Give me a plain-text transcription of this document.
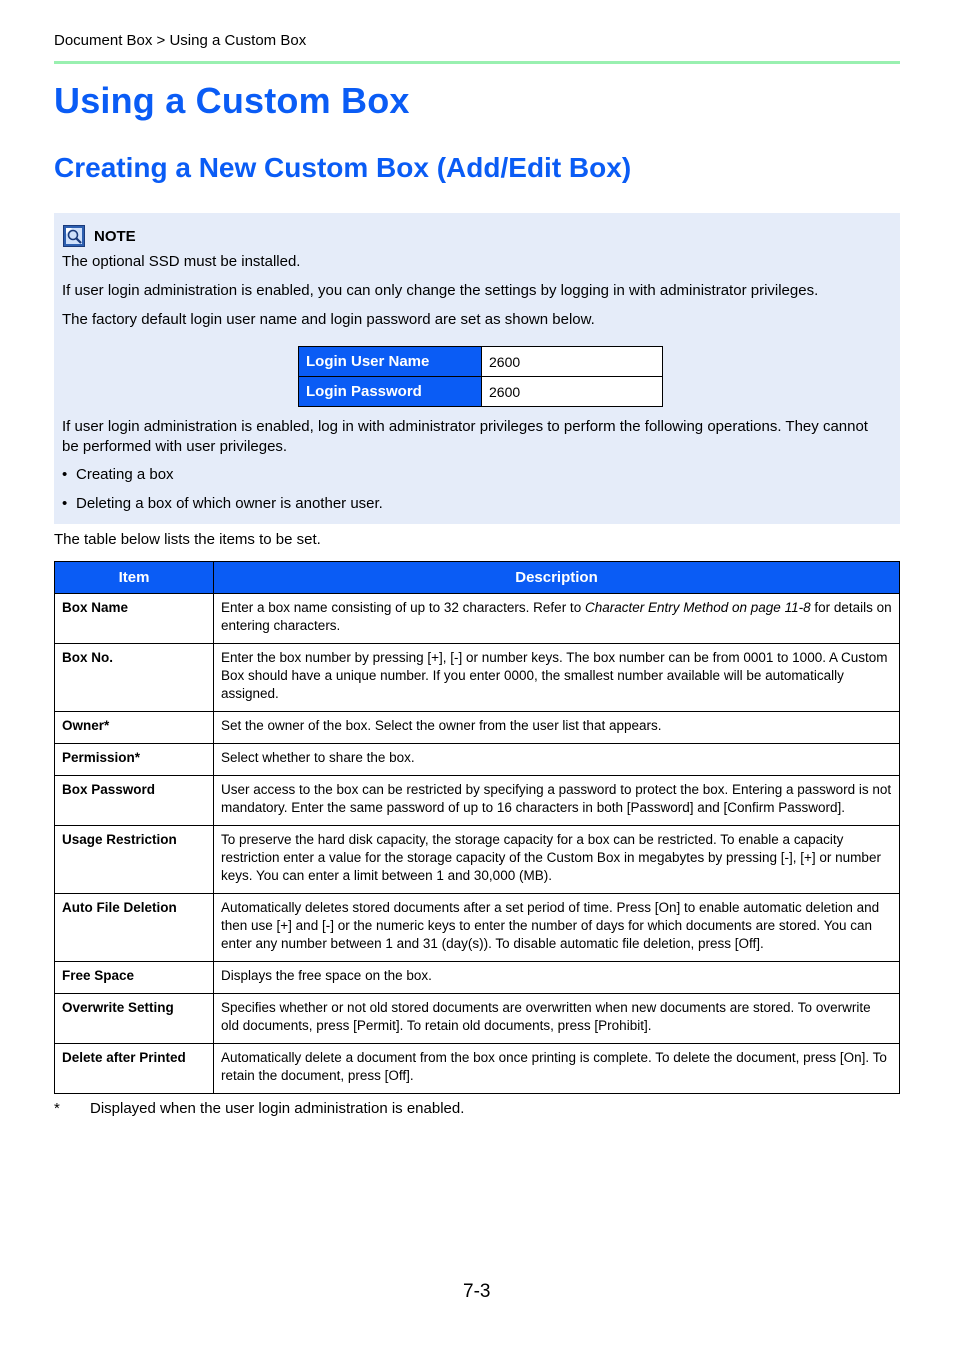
Document Box > Using a Custom Box
Using a Custom Box
Creating a New Custom Box (Add/Edit Box)
NOTE
The optional SSD must be installed.
If user login administration is enabled, you can only change the settings by logging in with administrator privileges.
The factory default login user name and login password are set as shown below.
Login User Name	2600
Login Password	2600
If user login administration is enabled, log in with administrator privileges to perform the following operations. They cannot be performed with user privileges.
• Creating a box
• Deleting a box of which owner is another user.
The table below lists the items to be set.
Item	Description
Box Name	Enter a box name consisting of up to 32 characters. Refer to Character Entry Method on page 11-8 for details on entering characters.
Box No.	Enter the box number by pressing [+], [-] or number keys. The box number can be from 0001 to 1000. A Custom Box should have a unique number. If you enter 0000, the smallest number available will be automatically assigned.
Owner*	Set the owner of the box. Select the owner from the user list that appears.
Permission*	Select whether to share the box.
Box Password	User access to the box can be restricted by specifying a password to protect the box. Entering a password is not mandatory. Enter the same password of up to 16 characters in both [Password] and [Confirm Password].
Usage Restriction	To preserve the hard disk capacity, the storage capacity for a box can be restricted. To enable a capacity restriction enter a value for the storage capacity of the Custom Box in megabytes by pressing [-], [+] or number keys. You can enter a limit between 1 and 30,000 (MB).
Auto File Deletion	Automatically deletes stored documents after a set period of time. Press [On] to enable automatic deletion and then use [+] and [-] or the numeric keys to enter the number of days for which documents are stored. You can enter any number between 1 and 31 (day(s)). To disable automatic file deletion, press [Off].
Free Space	Displays the free space on the box.
Overwrite Setting	Specifies whether or not old stored documents are overwritten when new documents are stored. To overwrite old documents, press [Permit]. To retain old documents, press [Prohibit].
Delete after Printed	Automatically delete a document from the box once printing is complete. To delete the document, press [On]. To retain the document, press [Off].
* Displayed when the user login administration is enabled.
7-3
